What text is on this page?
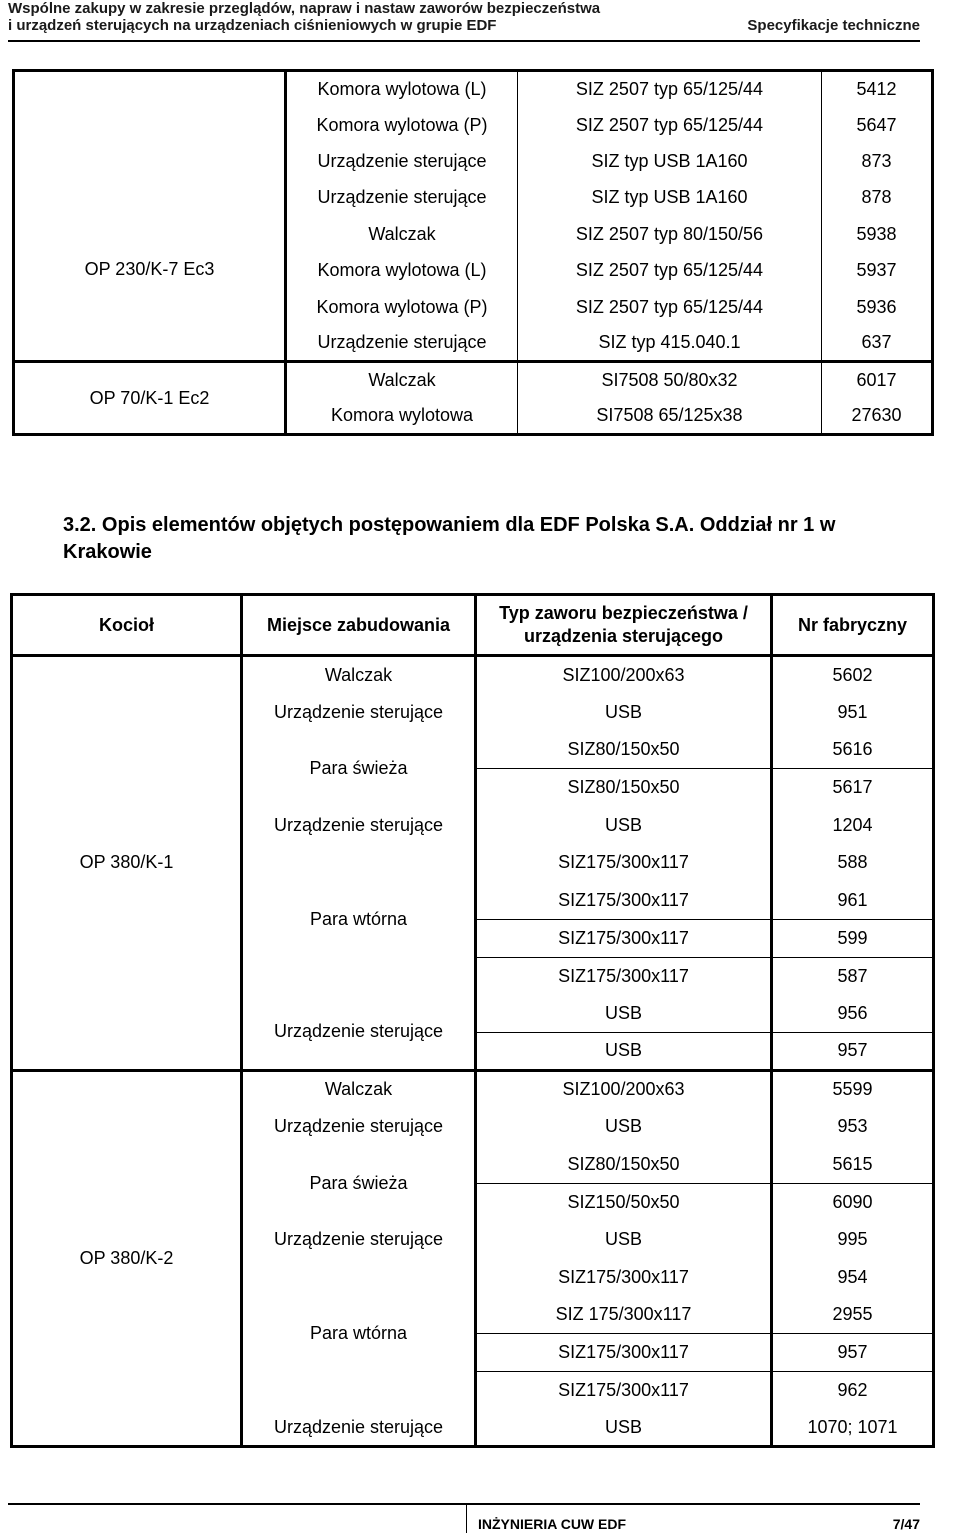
Wspólne zakupy w zakresie przeglądów, napraw i nastaw zaworów bezpieczeństwa
i urządzeń sterujących na urządzeniach ciśnieniowych w grupie EDF	Specyfikacje techniczne
	Komora wylotowa (L)	SIZ 2507 typ 65/125/44	5412
	Komora wylotowa (P)	SIZ 2507 typ 65/125/44	5647
	Urządzenie sterujące	SIZ typ USB 1A160	873
OP 230/K-7 Ec3	Urządzenie sterujące	SIZ typ USB 1A160	878
	Walczak	SIZ 2507 typ 80/150/56	5938
	Komora wylotowa (L)	SIZ 2507 typ 65/125/44	5937
	Komora wylotowa (P)	SIZ 2507 typ 65/125/44	5936
	Urządzenie sterujące	SIZ typ 415.040.1	637
OP 70/K-1 Ec2	Walczak	SI7508 50/80x32	6017
	Komora wylotowa	SI7508 65/125x38	27630
3.2. Opis elementów objętych postępowaniem dla EDF Polska S.A. Oddział nr 1 w Krakowie
Kocioł	Miejsce zabudowania	Typ zaworu bezpieczeństwa / urządzenia sterującego	Nr fabryczny
OP 380/K-1	Walczak	SIZ100/200x63	5602
	Urządzenie sterujące	USB	951
	Para świeża	SIZ80/150x50	5616
		SIZ80/150x50	5617
	Urządzenie sterujące	USB	1204
	Para wtórna	SIZ175/300x117	588
		SIZ175/300x117	961
		SIZ175/300x117	599
		SIZ175/300x117	587
	Urządzenie sterujące	USB	956
		USB	957
OP 380/K-2	Walczak	SIZ100/200x63	5599
	Urządzenie sterujące	USB	953
	Para świeża	SIZ80/150x50	5615
		SIZ150/50x50	6090
	Urządzenie sterujące	USB	995
	Para wtórna	SIZ175/300x117	954
		SIZ 175/300x117	2955
		SIZ175/300x117	957
		SIZ175/300x117	962
	Urządzenie sterujące	USB	1070; 1071
INŻYNIERIA CUW EDF	7/47
